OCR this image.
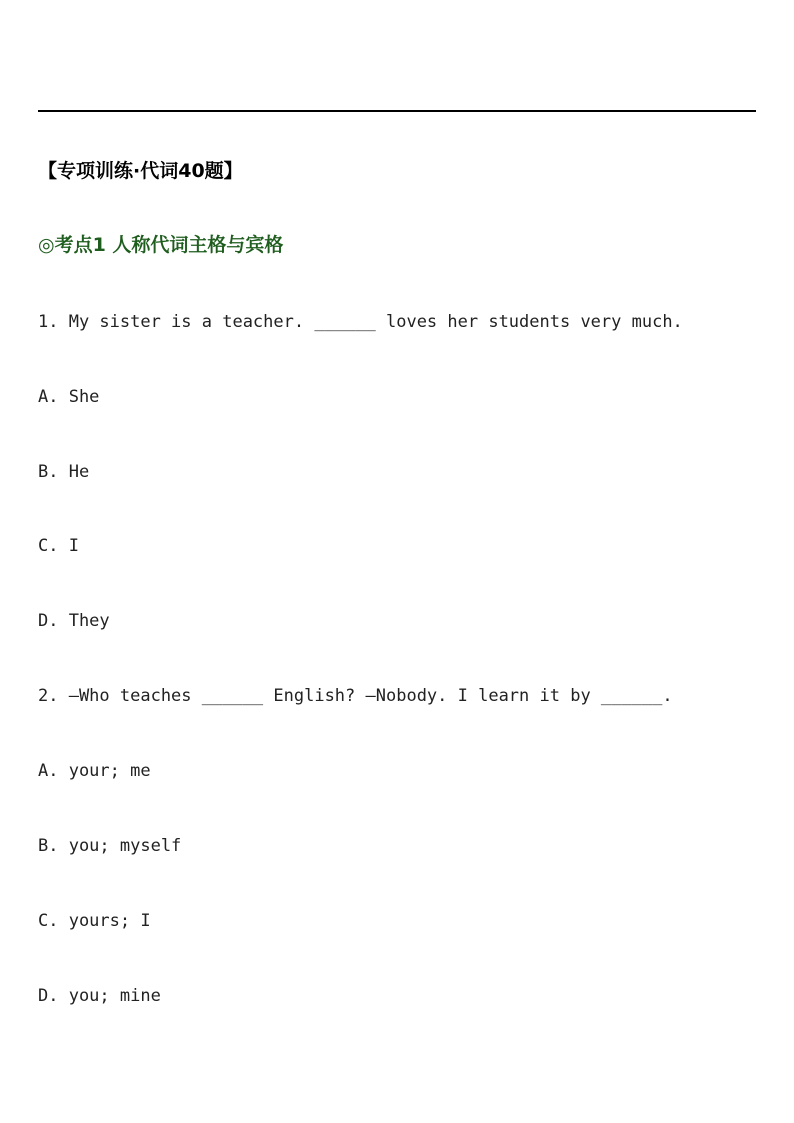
【专项训练·代词40题】
◎考点1 人称代词主格与宾格
1. My sister is a teacher. ______ loves her students very much.
A. She
B. He
C. I
D. They
2. —Who teaches ______ English? —Nobody. I learn it by ______.
A. your; me
B. you; myself
C. yours; I
D. you; mine
